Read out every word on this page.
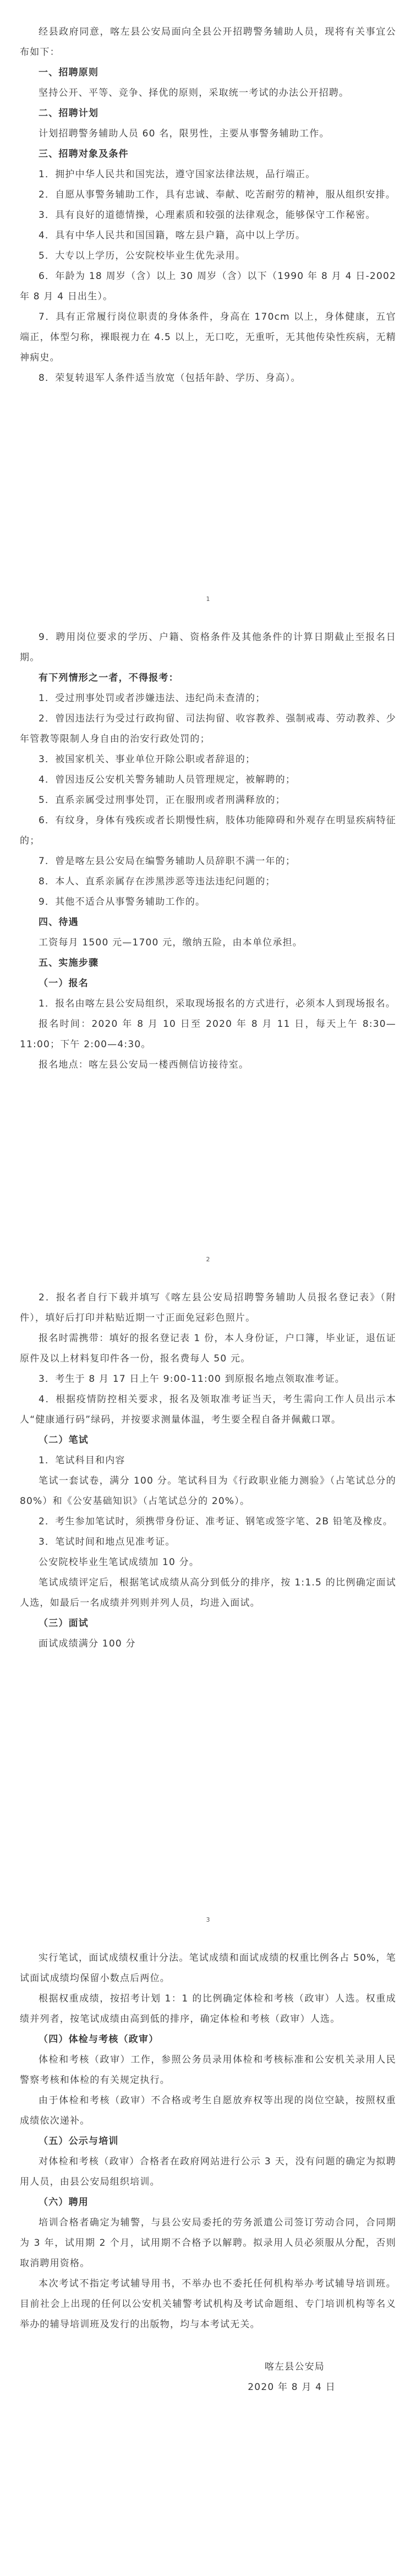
经县政府同意，喀左县公安局面向全县公开招聘警务辅助人员，现将有关事宜公布如下：

一、招聘原则

坚持公开、平等、竞争、择优的原则，采取统一考试的办法公开招聘。

二、招聘计划

计划招聘警务辅助人员 60 名，限男性，主要从事警务辅助工作。

三、招聘对象及条件

1．拥护中华人民共和国宪法，遵守国家法律法规，品行端正。

2．自愿从事警务辅助工作，具有忠诚、奉献、吃苦耐劳的精神，服从组织安排。

3．具有良好的道德情操，心理素质和较强的法律观念，能够保守工作秘密。

4．具有中华人民共和国国籍，喀左县户籍，高中以上学历。

5．大专以上学历，公安院校毕业生优先录用。

6．年龄为 18 周岁（含）以上 30 周岁（含）以下（1990 年 8 月 4 日-2002 年 8 月 4 日出生）。

7．具有正常履行岗位职责的身体条件，身高在 170cm 以上，身体健康，五官端正，体型匀称，裸眼视力在 4.5 以上，无口吃，无重听，无其他传染性疾病，无精神病史。

8．荣复转退军人条件适当放宽（包括年龄、学历、身高）。

1

9．聘用岗位要求的学历、户籍、资格条件及其他条件的计算日期截止至报名日期。

有下列情形之一者，不得报考：

1．受过刑事处罚或者涉嫌违法、违纪尚未查清的；

2．曾因违法行为受过行政拘留、司法拘留、收容教养、强制戒毒、劳动教养、少年管教等限制人身自由的治安行政处罚的；

3．被国家机关、事业单位开除公职或者辞退的；

4．曾因违反公安机关警务辅助人员管理规定，被解聘的；

5．直系亲属受过刑事处罚，正在服刑或者刑满释放的；

6．有纹身，身体有残疾或者长期慢性病，肢体功能障碍和外观存在明显疾病特征的；

7．曾是喀左县公安局在编警务辅助人员辞职不满一年的；

8．本人、直系亲属存在涉黑涉恶等违法违纪问题的；

9．其他不适合从事警务辅助工作的。

四、待遇

工资每月 1500 元—1700 元，缴纳五险，由本单位承担。

五、实施步骤

（一）报名

1．报名由喀左县公安局组织，采取现场报名的方式进行，必须本人到现场报名。

报名时间：2020 年 8 月 10 日至 2020 年 8 月 11 日，每天上午 8:30—11:00；下午 2:00—4:30。

报名地点：喀左县公安局一楼西侧信访接待室。

2

2．报名者自行下载并填写《喀左县公安局招聘警务辅助人员报名登记表》（附件），填好后打印并粘贴近期一寸正面免冠彩色照片。

报名时需携带：填好的报名登记表 1 份，本人身份证，户口簿，毕业证，退伍证原件及以上材料复印件各一份，报名费每人 50 元。

3．考生于 8 月 17 日上午 9:00-11:00 到原报名地点领取准考证。

4．根据疫情防控相关要求，报名及领取准考证当天，考生需向工作人员出示本人“健康通行码”绿码，并按要求测量体温，考生要全程自备并佩戴口罩。

（二）笔试

1．笔试科目和内容

笔试一套试卷，满分 100 分。笔试科目为《行政职业能力测验》（占笔试总分的 80%）和《公安基础知识》（占笔试总分的 20%）。

2．考生参加笔试时，须携带身份证、准考证、钢笔或签字笔、2B 铅笔及橡皮。

3．笔试时间和地点见准考证。

公安院校毕业生笔试成绩加 10 分。

笔试成绩评定后，根据笔试成绩从高分到低分的排序，按 1:1.5 的比例确定面试人选，如最后一名成绩并列则并列人员，均进入面试。

（三）面试

面试成绩满分 100 分

3

实行笔试，面试成绩权重计分法。笔试成绩和面试成绩的权重比例各占 50%，笔试面试成绩均保留小数点后两位。

根据权重成绩，按招考计划 1：1 的比例确定体检和考核（政审）人选。权重成绩并列者，按笔试成绩由高到低的排序，确定体检和考核（政审）人选。

（四）体检与考核（政审）

体检和考核（政审）工作，参照公务员录用体检和考核标准和公安机关录用人民警察考核和体检的有关规定执行。

由于体检和考核（政审）不合格或考生自愿放弃权等出现的岗位空缺，按照权重成绩依次递补。

（五）公示与培训

对体检和考核（政审）合格者在政府网站进行公示 3 天，没有问题的确定为拟聘用人员，由县公安局组织培训。

（六）聘用

培训合格者确定为辅警，与县公安局委托的劳务派遣公司签订劳动合同，合同期为 3 年，试用期 2 个月，试用期不合格予以解聘。拟录用人员必须服从分配，否则取消聘用资格。

本次考试不指定考试辅导用书，不举办也不委托任何机构举办考试辅导培训班。目前社会上出现的任何以公安机关辅警考试机构及考试命题组、专门培训机构等名义举办的辅导培训班及发行的出版物，均与本考试无关。

喀左县公安局

2020 年 8 月 4 日
